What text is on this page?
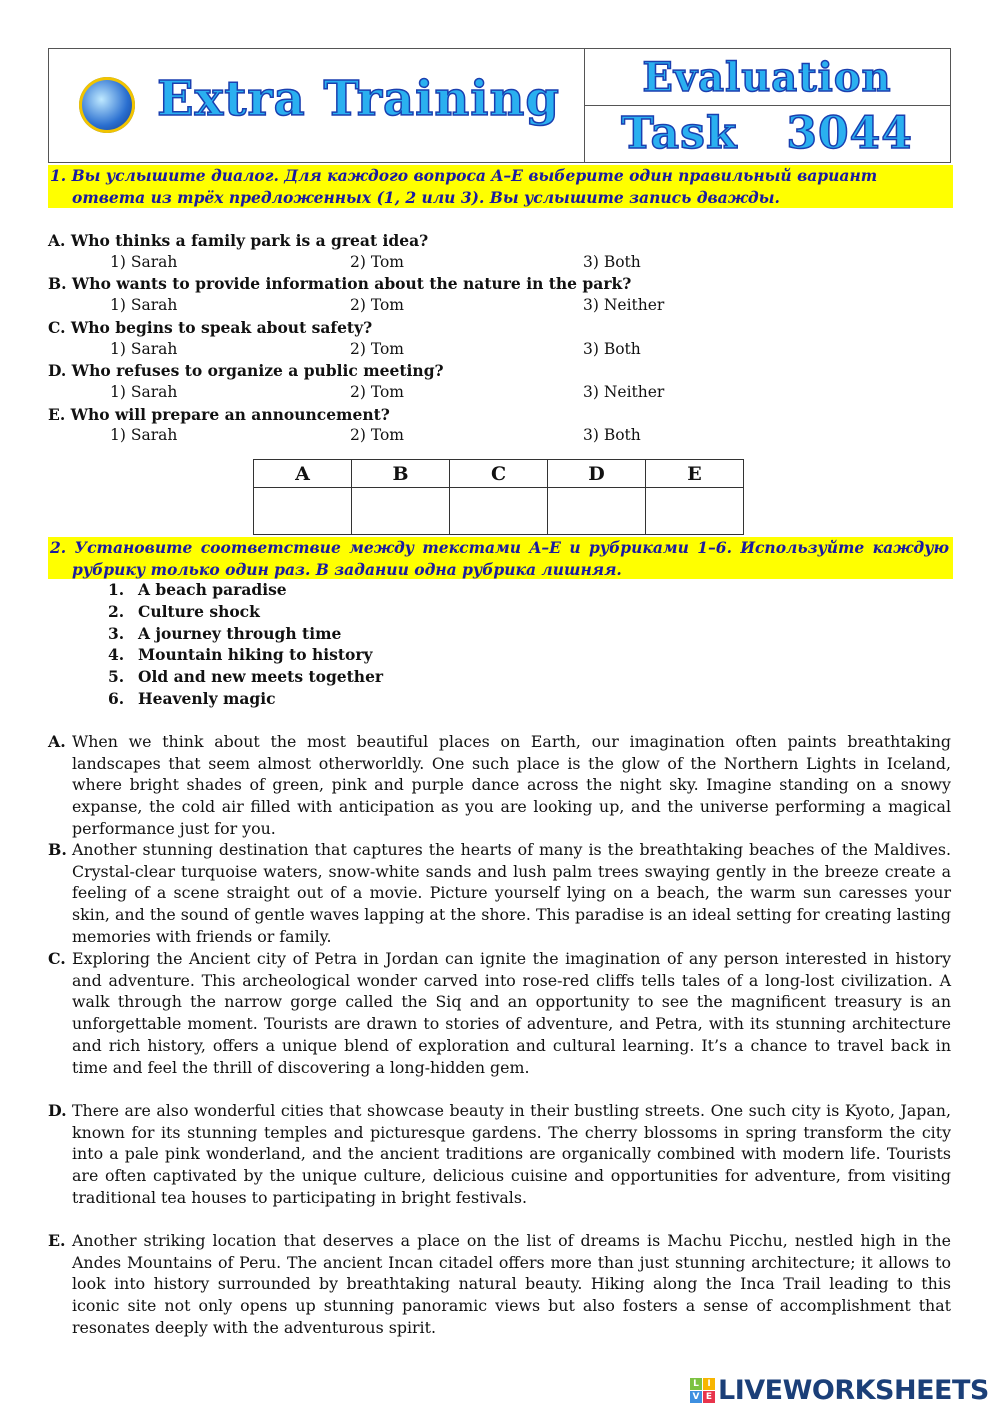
Extra Training Evaluation
Task   3044
1. Вы услышите диалог. Для каждого вопроса A–E выберите один правильный вариант ответа из трёх предложенных (1, 2 или 3). Вы услышите запись дважды.
A. Who thinks a family park is a great idea?
1) Sarah	2) Tom	3) Both
B. Who wants to provide information about the nature in the park?
1) Sarah	2) Tom	3) Neither
C. Who begins to speak about safety?
1) Sarah	2) Tom	3) Both
D. Who refuses to organize a public meeting?
1) Sarah	2) Tom	3) Neither
E. Who will prepare an announcement?
1) Sarah	2) Tom	3) Both
A	B	C	D	E

2. Установите соответствие между текстами A–E и рубриками 1–6. Используйте каждую рубрику только один раз. В задании одна рубрика лишняя.
1. A beach paradise
2. Culture shock
3. A journey through time
4. Mountain hiking to history
5. Old and new meets together
6. Heavenly magic
A. When we think about the most beautiful places on Earth, our imagination often paints breathtaking landscapes that seem almost otherworldly. One such place is the glow of the Northern Lights in Iceland, where bright shades of green, pink and purple dance across the night sky. Imagine standing on a snowy expanse, the cold air filled with anticipation as you are looking up, and the universe performing a magical performance just for you.
B. Another stunning destination that captures the hearts of many is the breathtaking beaches of the Maldives. Crystal-clear turquoise waters, snow-white sands and lush palm trees swaying gently in the breeze create a feeling of a scene straight out of a movie. Picture yourself lying on a beach, the warm sun caresses your skin, and the sound of gentle waves lapping at the shore. This paradise is an ideal setting for creating lasting memories with friends or family.
C. Exploring the Ancient city of Petra in Jordan can ignite the imagination of any person interested in history and adventure. This archeological wonder carved into rose-red cliffs tells tales of a long-lost civilization. A walk through the narrow gorge called the Siq and an opportunity to see the magnificent treasury is an unforgettable moment. Tourists are drawn to stories of adventure, and Petra, with its stunning architecture and rich history, offers a unique blend of exploration and cultural learning. It’s a chance to travel back in time and feel the thrill of discovering a long-hidden gem.
D. There are also wonderful cities that showcase beauty in their bustling streets. One such city is Kyoto, Japan, known for its stunning temples and picturesque gardens. The cherry blossoms in spring transform the city into a pale pink wonderland, and the ancient traditions are organically combined with modern life. Tourists are often captivated by the unique culture, delicious cuisine and opportunities for adventure, from visiting traditional tea houses to participating in bright festivals.
E. Another striking location that deserves a place on the list of dreams is Machu Picchu, nestled high in the Andes Mountains of Peru. The ancient Incan citadel offers more than just stunning architecture; it allows to look into history surrounded by breathtaking natural beauty. Hiking along the Inca Trail leading to this iconic site not only opens up stunning panoramic views but also fosters a sense of accomplishment that resonates deeply with the adventurous spirit.
L I
V E LIVEWORKSHEETS
